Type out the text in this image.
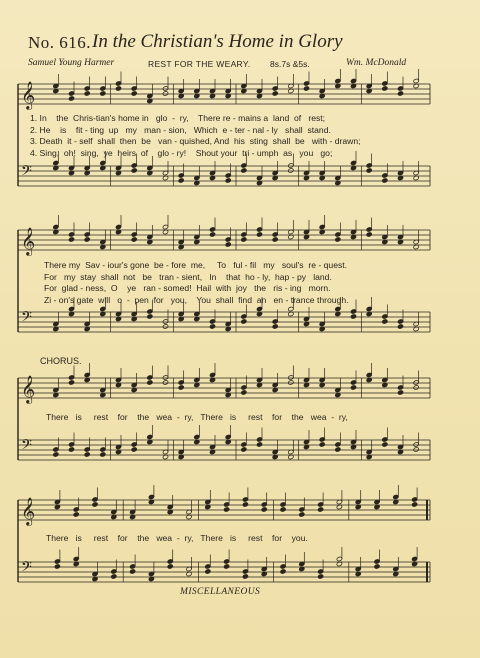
𝄞
𝄢
𝄞
𝄢
𝄞
𝄢
𝄞
𝄢
No. 616. In the Christian's Home in Glory
Samuel Young Harmer	REST FOR THE WEARY. 8s.7s &5s.	Wm. McDonald
1. In    the  Chris-tian's home in   glo  -  ry,    There re - mains a  land  of   rest;
2. He    is    fit - ting  up   my   man - sion,   Which  e - ter - nal - ly   shall  stand.
3. Death  it - self  shall  then  be   van - quished, And  his  sting  shall  be   with - drawn;
4. Sing,  oh!  sing,  ye  heirs  of    glo - ry!    Shout your  tri - umph  as   you   go;
There my  Sav - iour's gone  be - fore  me,     To   ful - fil   my   soul's  re - quest.
For   my  stay  shall  not   be   tran - sient,   In    that  ho - ly,  hap - py   land.
For  glad - ness,  O    ye   ran - somed!  Hail  with  joy   the   ris - ing   morn.
Zi - on's gate  will   o  -  pen  for   you,    You  shall  find  an   en - trance through.
CHORUS.
There   is     rest    for    the   wea  -  ry,   There   is     rest    for    the   wea  -  ry,
There   is     rest    for    the   wea  -  ry,   There   is     rest    for    you.
MISCELLANEOUS
